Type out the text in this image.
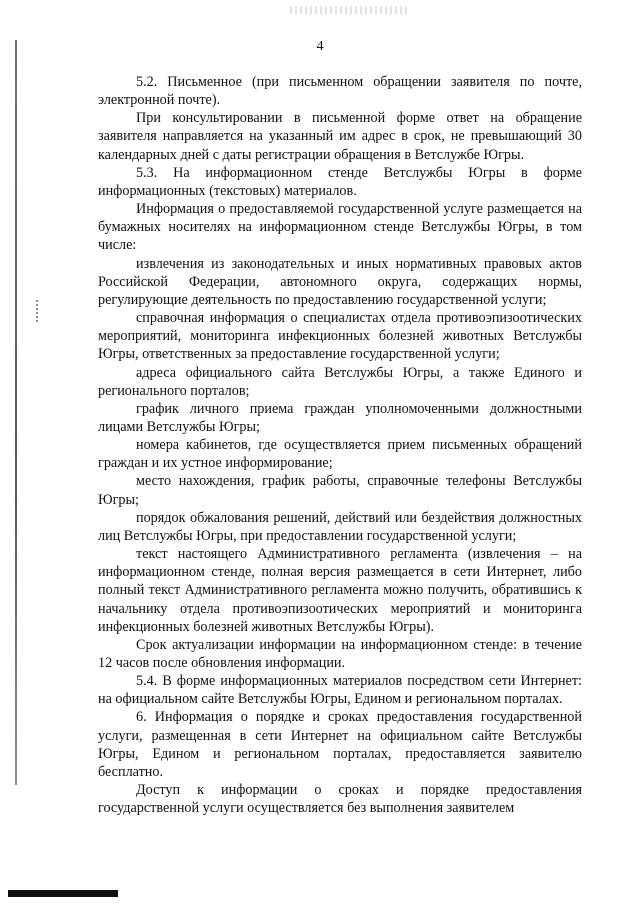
4

5.2. Письменное (при письменном обращении заявителя по почте, электронной почте).

При консультировании в письменной форме ответ на обращение заявителя направляется на указанный им адрес в срок, не превышающий 30 календарных дней с даты регистрации обращения в Ветслужбе Югры.

5.3. На информационном стенде Ветслужбы Югры в форме информационных (текстовых) материалов.

Информация о предоставляемой государственной услуге размещается на бумажных носителях на информационном стенде Ветслужбы Югры, в том числе:

извлечения из законодательных и иных нормативных правовых актов Российской Федерации, автономного округа, содержащих нормы, регулирующие деятельность по предоставлению государственной услуги;

справочная информация о специалистах отдела противоэпизоотических мероприятий, мониторинга инфекционных болезней животных Ветслужбы Югры, ответственных за предоставление государственной услуги;

адреса официального сайта Ветслужбы Югры, а также Единого и регионального порталов;

график личного приема граждан уполномоченными должностными лицами Ветслужбы Югры;

номера кабинетов, где осуществляется прием письменных обращений граждан и их устное информирование;

место нахождения, график работы, справочные телефоны Ветслужбы Югры;

порядок обжалования решений, действий или бездействия должностных лиц Ветслужбы Югры, при предоставлении государственной услуги;

текст настоящего Административного регламента (извлечения – на информационном стенде, полная версия размещается в сети Интернет, либо полный текст Административного регламента можно получить, обратившись к начальнику отдела противоэпизоотических мероприятий и мониторинга инфекционных болезней животных Ветслужбы Югры).

Срок актуализации информации на информационном стенде: в течение 12 часов после обновления информации.

5.4. В форме информационных материалов посредством сети Интернет: на официальном сайте Ветслужбы Югры, Едином и региональном порталах.

6. Информация о порядке и сроках предоставления государственной услуги, размещенная в сети Интернет на официальном сайте Ветслужбы Югры, Едином и региональном порталах, предоставляется заявителю бесплатно.

Доступ к информации о сроках и порядке предоставления государственной услуги осуществляется без выполнения заявителем
